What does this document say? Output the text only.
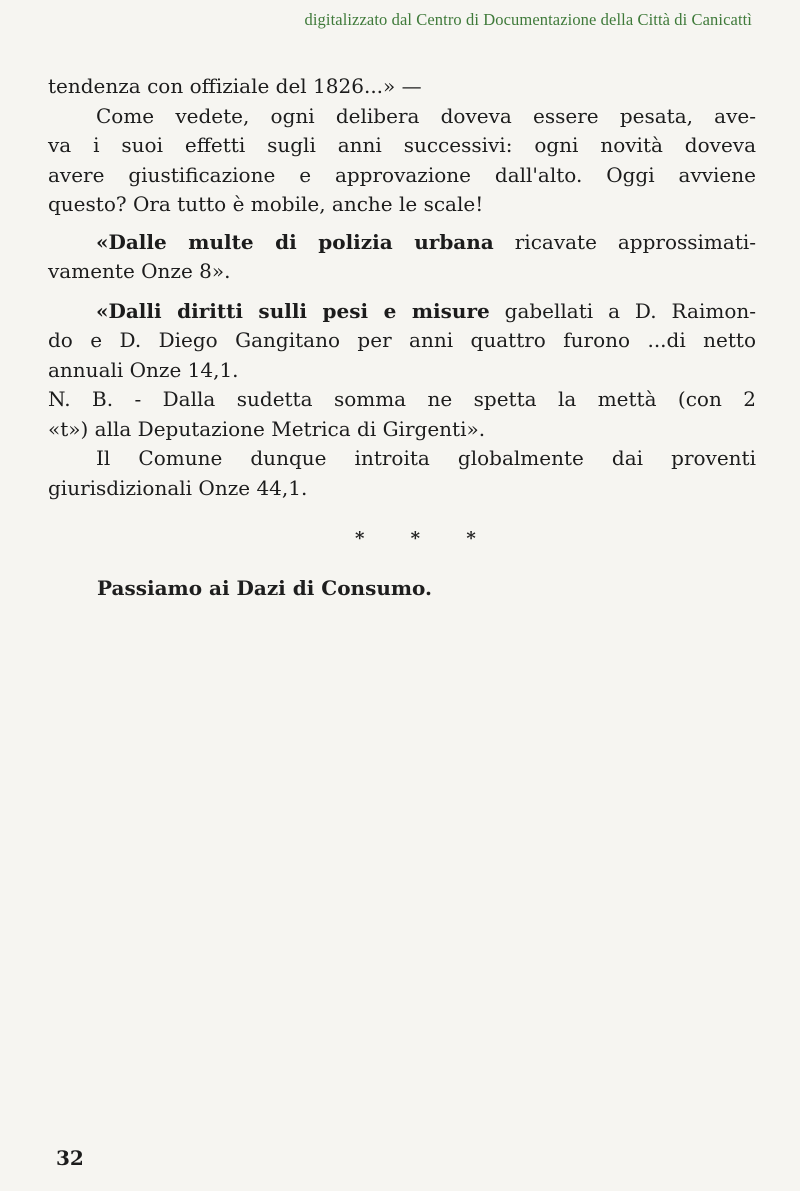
digitalizzato dal Centro di Documentazione della Città di Canicattì
tendenza con offiziale del 1826...» —
Come vedete, ogni delibera doveva essere pesata, ave-
va i suoi effetti sugli anni successivi: ogni novità doveva
avere giustificazione e approvazione dall'alto. Oggi avviene
questo? Ora tutto è mobile, anche le scale!
«Dalle multe di polizia urbana ricavate approssimati-
vamente Onze 8».
«Dalli diritti sulli pesi e misure gabellati a D. Raimon-
do e D. Diego Gangitano per anni quattro furono ...di netto
annuali Onze 14,1.
N. B. - Dalla sudetta somma ne spetta la mettà (con 2
«t») alla Deputazione Metrica di Girgenti».
Il Comune dunque introita globalmente dai proventi
giurisdizionali Onze 44,1.
* * *
Passiamo ai Dazi di Consumo.
32
